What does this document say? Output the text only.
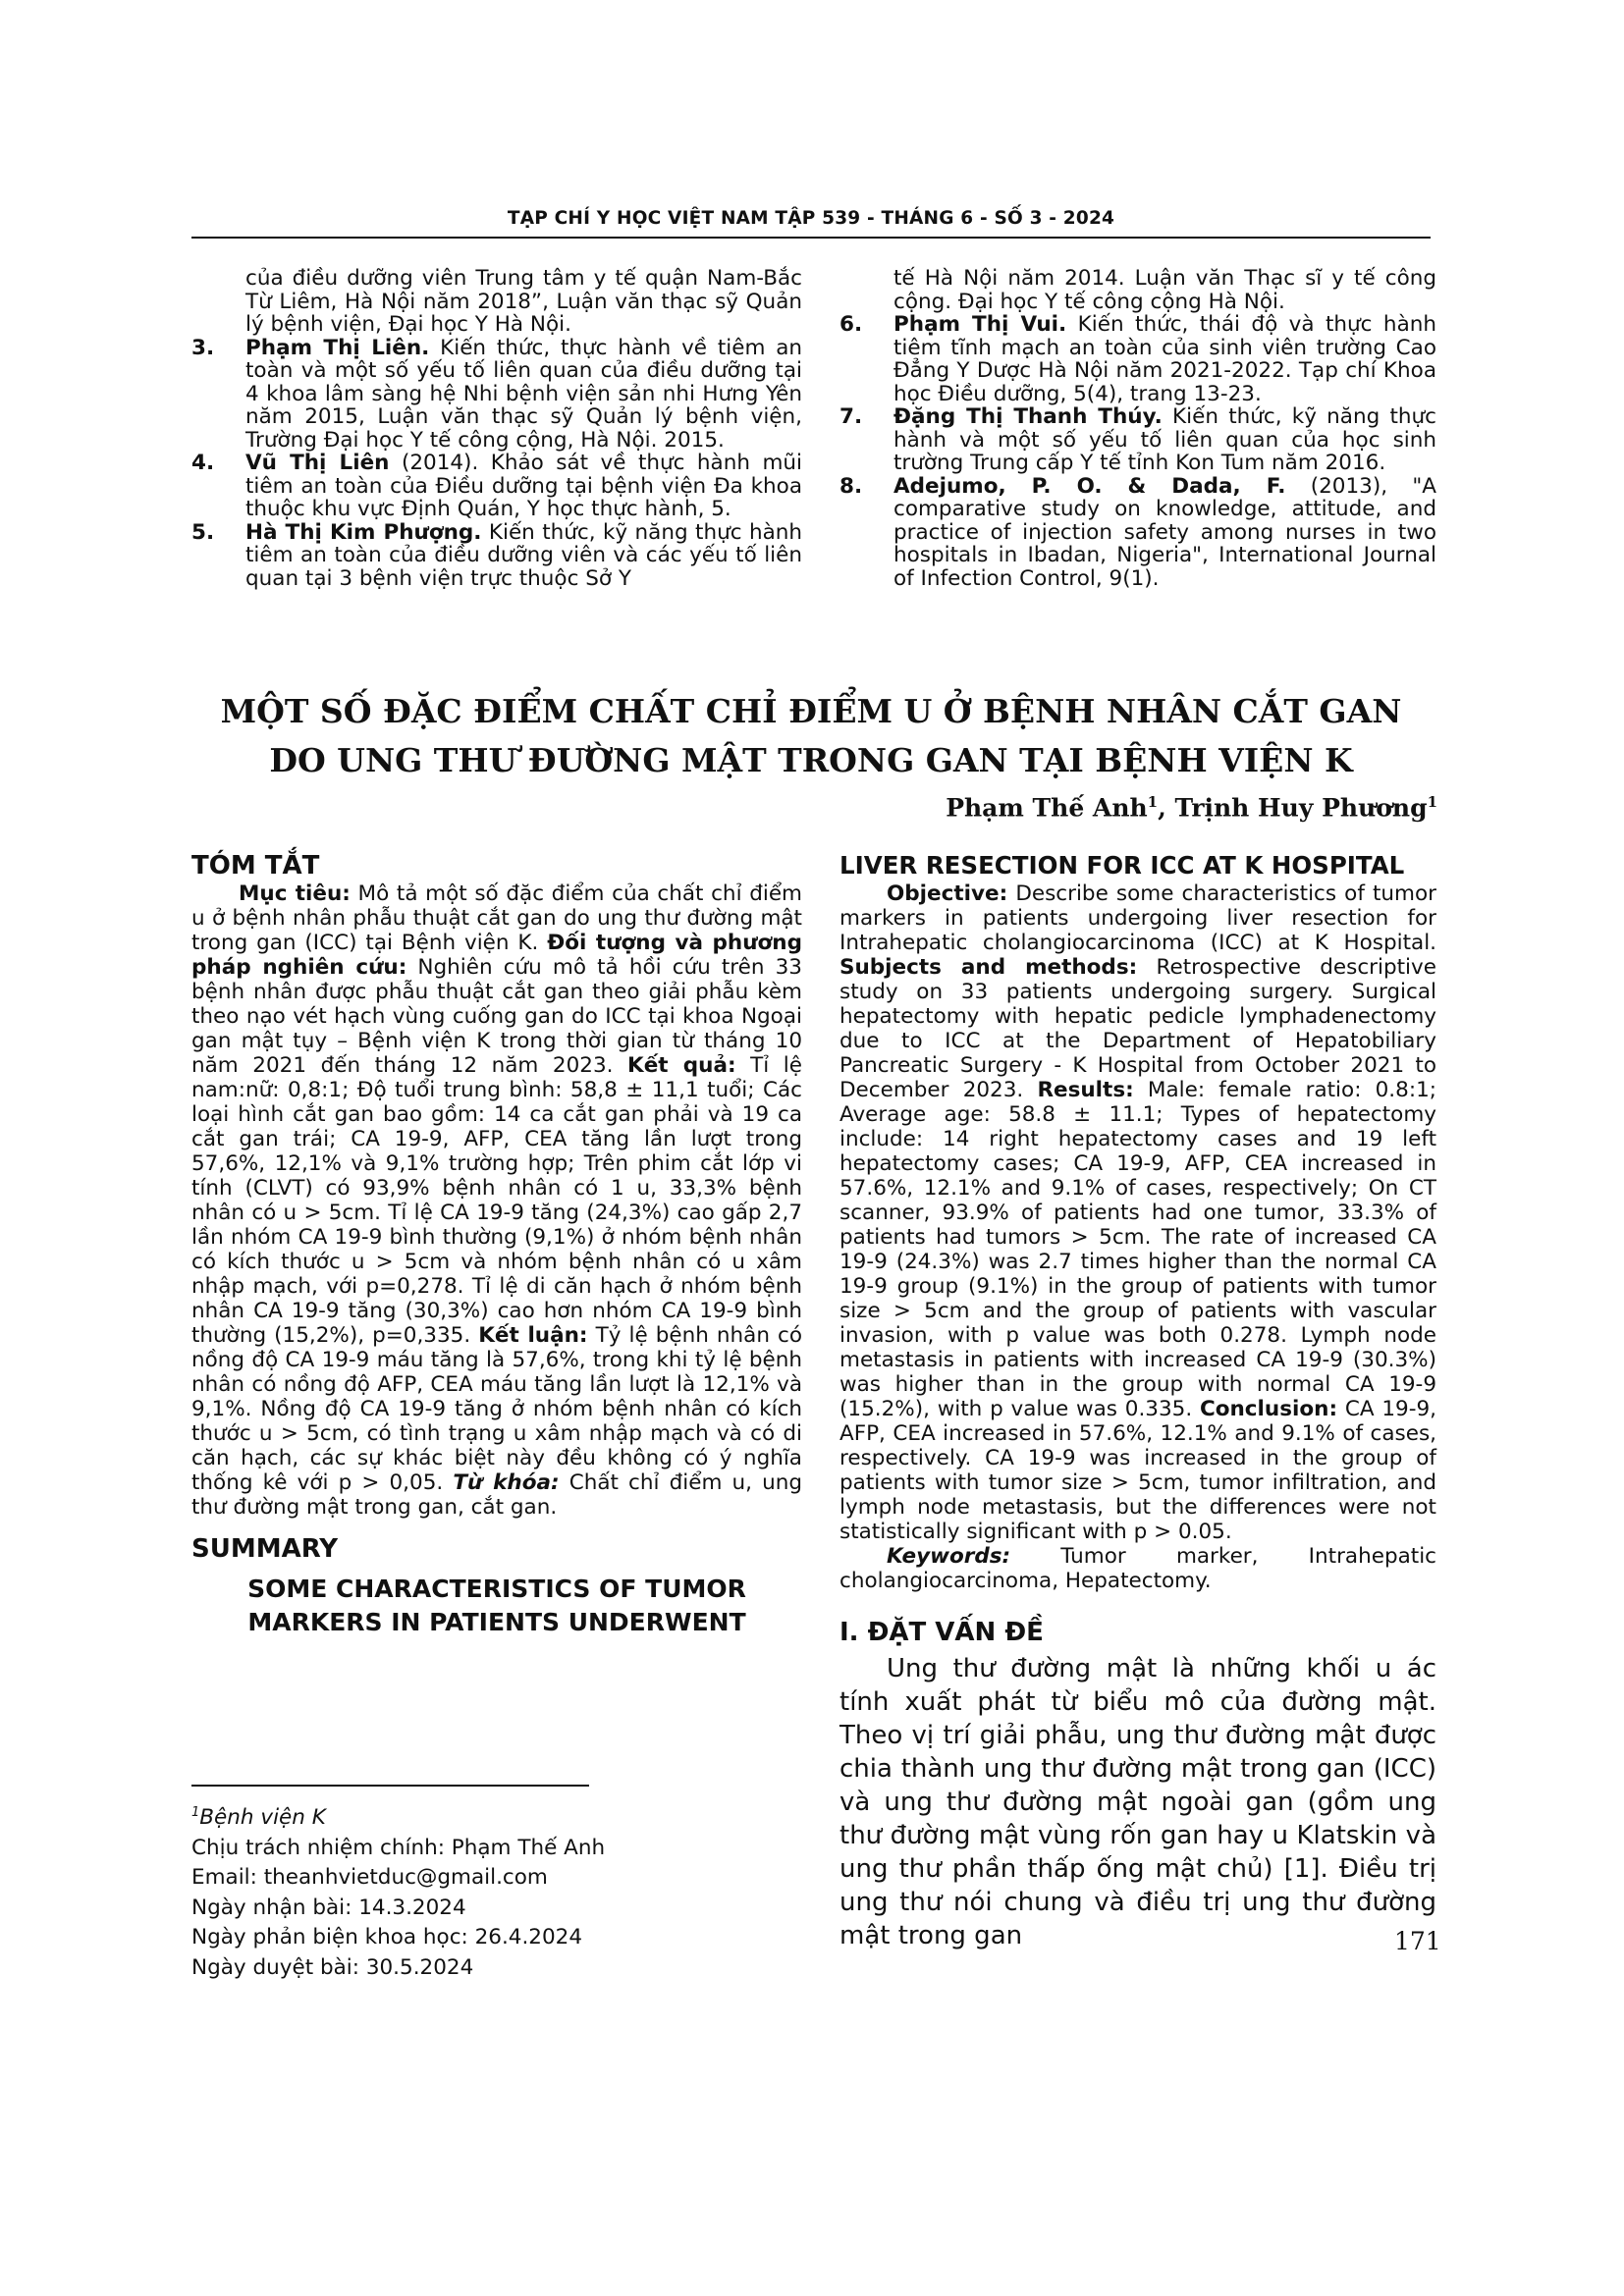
TẠP CHÍ Y HỌC VIỆT NAM TẬP 539 - THÁNG 6 - SỐ 3 - 2024
của điều dưỡng viên Trung tâm y tế quận Nam-Bắc Từ Liêm, Hà Nội năm 2018”, Luận văn thạc sỹ Quản lý bệnh viện, Đại học Y Hà Nội.
3. Phạm Thị Liên. Kiến thức, thực hành về tiêm an toàn và một số yếu tố liên quan của điều dưỡng tại 4 khoa lâm sàng hệ Nhi bệnh viện sản nhi Hưng Yên năm 2015, Luận văn thạc sỹ Quản lý bệnh viện, Trường Đại học Y tế công cộng, Hà Nội. 2015.
4. Vũ Thị Liên (2014). Khảo sát về thực hành mũi tiêm an toàn của Điều dưỡng tại bệnh viện Đa khoa thuộc khu vực Định Quán, Y học thực hành, 5.
5. Hà Thị Kim Phượng. Kiến thức, kỹ năng thực hành tiêm an toàn của điều dưỡng viên và các yếu tố liên quan tại 3 bệnh viện trực thuộc Sở Y
tế Hà Nội năm 2014. Luận văn Thạc sĩ y tế công cộng. Đại học Y tế công cộng Hà Nội.
6. Phạm Thị Vui. Kiến thức, thái độ và thực hành tiêm tĩnh mạch an toàn của sinh viên trường Cao Đẳng Y Dược Hà Nội năm 2021-2022. Tạp chí Khoa học Điều dưỡng, 5(4), trang 13-23.
7. Đặng Thị Thanh Thúy. Kiến thức, kỹ năng thực hành và một số yếu tố liên quan của học sinh trường Trung cấp Y tế tỉnh Kon Tum năm 2016.
8. Adejumo, P. O. & Dada, F. (2013), "A comparative study on knowledge, attitude, and practice of injection safety among nurses in two hospitals in Ibadan, Nigeria", International Journal of Infection Control, 9(1).
MỘT SỐ ĐẶC ĐIỂM CHẤT CHỈ ĐIỂM U Ở BỆNH NHÂN CẮT GAN
DO UNG THƯ ĐƯỜNG MẬT TRONG GAN TẠI BỆNH VIỆN K
Phạm Thế Anh$^1$, Trịnh Huy Phương$^1$
TÓM TẮT

Mục tiêu: Mô tả một số đặc điểm của chất chỉ điểm u ở bệnh nhân phẫu thuật cắt gan do ung thư đường mật trong gan (ICC) tại Bệnh viện K. Đối tượng và phương pháp nghiên cứu: Nghiên cứu mô tả hồi cứu trên 33 bệnh nhân được phẫu thuật cắt gan theo giải phẫu kèm theo nạo vét hạch vùng cuống gan do ICC tại khoa Ngoại gan mật tụy – Bệnh viện K trong thời gian từ tháng 10 năm 2021 đến tháng 12 năm 2023. Kết quả: Tỉ lệ nam:nữ: 0,8:1; Độ tuổi trung bình: 58,8 ± 11,1 tuổi; Các loại hình cắt gan bao gồm: 14 ca cắt gan phải và 19 ca cắt gan trái; CA 19-9, AFP, CEA tăng lần lượt trong 57,6%, 12,1% và 9,1% trường hợp; Trên phim cắt lớp vi tính (CLVT) có 93,9% bệnh nhân có 1 u, 33,3% bệnh nhân có u > 5cm. Tỉ lệ CA 19-9 tăng (24,3%) cao gấp 2,7 lần nhóm CA 19-9 bình thường (9,1%) ở nhóm bệnh nhân có kích thước u > 5cm và nhóm bệnh nhân có u xâm nhập mạch, với p=0,278. Tỉ lệ di căn hạch ở nhóm bệnh nhân CA 19-9 tăng (30,3%) cao hơn nhóm CA 19-9 bình thường (15,2%), p=0,335. Kết luận: Tỷ lệ bệnh nhân có nồng độ CA 19-9 máu tăng là 57,6%, trong khi tỷ lệ bệnh nhân có nồng độ AFP, CEA máu tăng lần lượt là 12,1% và 9,1%. Nồng độ CA 19-9 tăng ở nhóm bệnh nhân có kích thước u > 5cm, có tình trạng u xâm nhập mạch và có di căn hạch, các sự khác biệt này đều không có ý nghĩa thống kê với p > 0,05. Từ khóa: Chất chỉ điểm u, ung thư đường mật trong gan, cắt gan.

SUMMARY
SOME CHARACTERISTICS OF TUMOR MARKERS IN PATIENTS UNDERWENT
$^1$Bệnh viện K
Chịu trách nhiệm chính: Phạm Thế Anh
Email: theanhvietduc@gmail.com
Ngày nhận bài: 14.3.2024
Ngày phản biện khoa học: 26.4.2024
Ngày duyệt bài: 30.5.2024
LIVER RESECTION FOR ICC AT K HOSPITAL

Objective: Describe some characteristics of tumor markers in patients undergoing liver resection for Intrahepatic cholangiocarcinoma (ICC) at K Hospital. Subjects and methods: Retrospective descriptive study on 33 patients undergoing surgery. Surgical hepatectomy with hepatic pedicle lymphadenectomy due to ICC at the Department of Hepatobiliary Pancreatic Surgery - K Hospital from October 2021 to December 2023. Results: Male: female ratio: 0.8:1; Average age: 58.8 ± 11.1; Types of hepatectomy include: 14 right hepatectomy cases and 19 left hepatectomy cases; CA 19-9, AFP, CEA increased in 57.6%, 12.1% and 9.1% of cases, respectively; On CT scanner, 93.9% of patients had one tumor, 33.3% of patients had tumors > 5cm. The rate of increased CA 19-9 (24.3%) was 2.7 times higher than the normal CA 19-9 group (9.1%) in the group of patients with tumor size > 5cm and the group of patients with vascular invasion, with p value was both 0.278. Lymph node metastasis in patients with increased CA 19-9 (30.3%) was higher than in the group with normal CA 19-9 (15.2%), with p value was 0.335. Conclusion: CA 19-9, AFP, CEA increased in 57.6%, 12.1% and 9.1% of cases, respectively. CA 19-9 was increased in the group of patients with tumor size > 5cm, tumor infiltration, and lymph node metastasis, but the differences were not statistically significant with p > 0.05.

Keywords: Tumor marker, Intrahepatic cholangiocarcinoma, Hepatectomy.

I. ĐẶT VẤN ĐỀ

Ung thư đường mật là những khối u ác tính xuất phát từ biểu mô của đường mật. Theo vị trí giải phẫu, ung thư đường mật được chia thành ung thư đường mật trong gan (ICC) và ung thư đường mật ngoài gan (gồm ung thư đường mật vùng rốn gan hay u Klatskin và ung thư phần thấp ống mật chủ) [1]. Điều trị ung thư nói chung và điều trị ung thư đường mật trong gan	171
